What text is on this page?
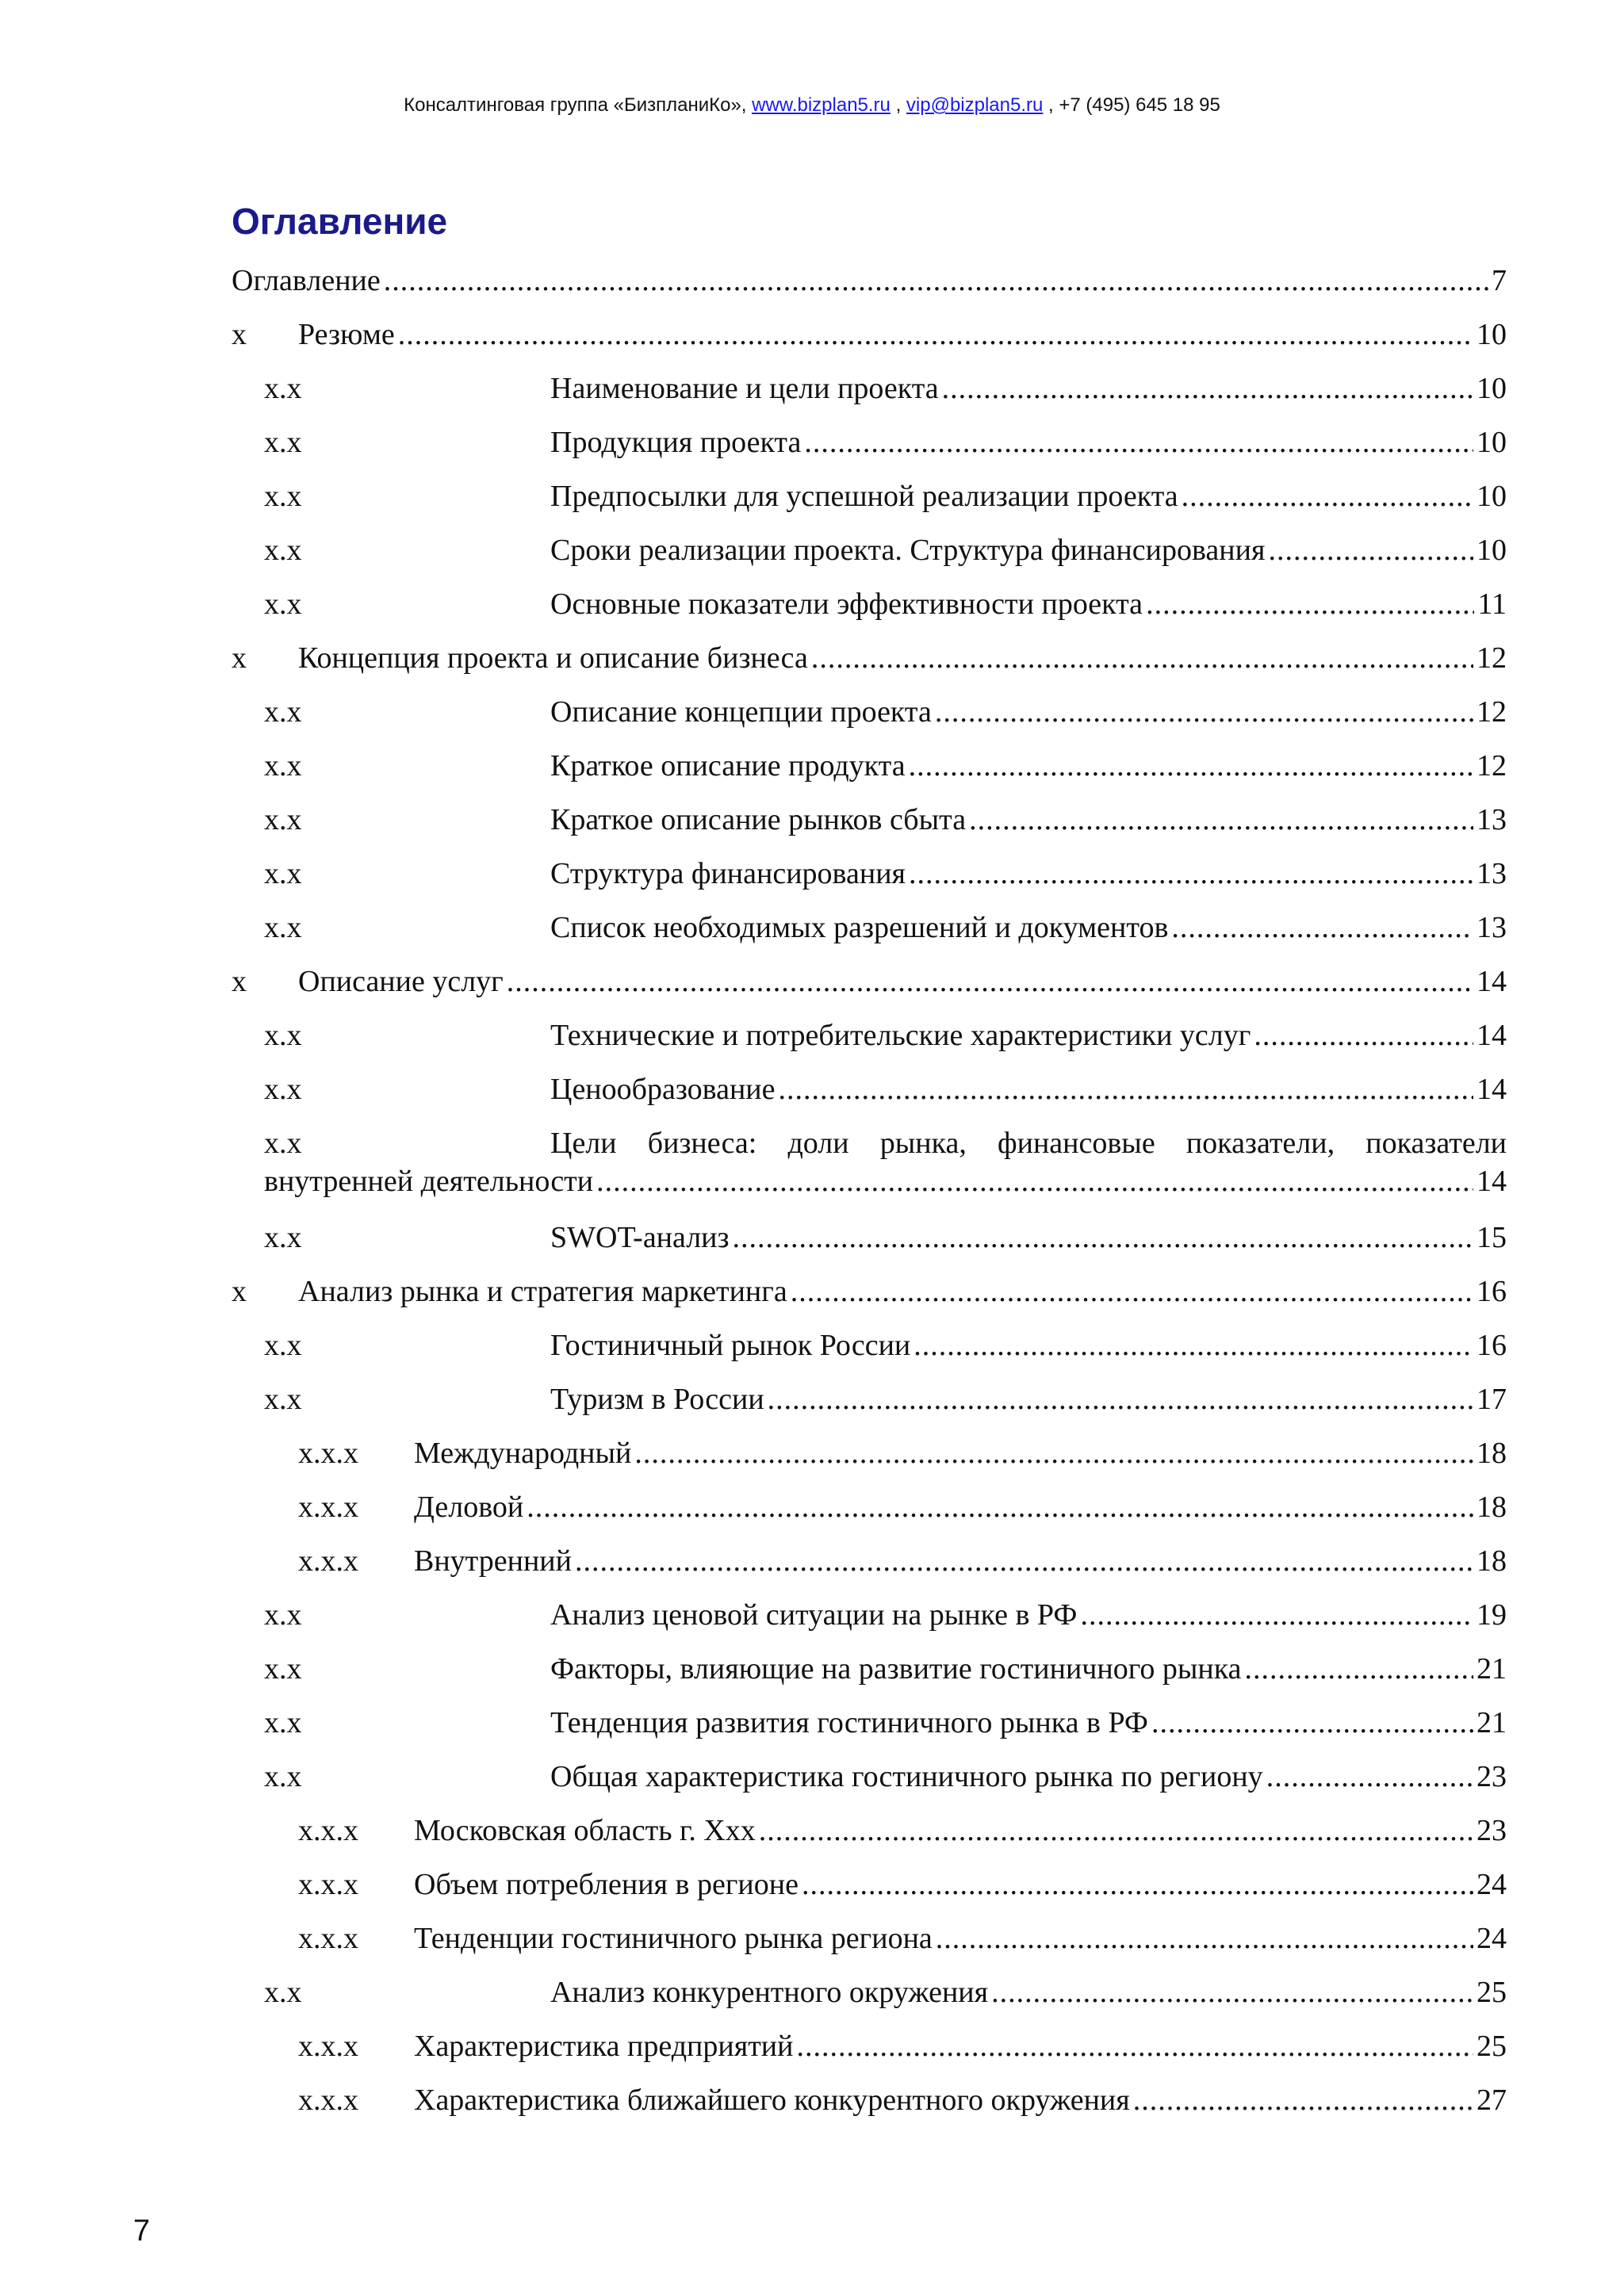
Консалтинговая группа «БизпланиКо», www.bizplan5.ru , vip@bizplan5.ru , +7 (495) 645 18 95
Оглавление
Оглавление .....	7
x	Резюме .....	10
x.x	Наименование и цели проекта .....	10
x.x	Продукция проекта .....	10
x.x	Предпосылки для успешной реализации проекта .....	10
x.x	Сроки реализации проекта. Структура финансирования .....	10
x.x	Основные показатели эффективности проекта .....	11
x	Концепция проекта и описание бизнеса .....	12
x.x	Описание концепции проекта .....	12
x.x	Краткое описание продукта .....	12
x.x	Краткое описание рынков сбыта .....	13
x.x	Структура финансирования .....	13
x.x	Список необходимых разрешений и документов .....	13
x	Описание услуг .....	14
x.x	Технические и потребительские характеристики услуг .....	14
x.x	Ценообразование .....	14
x.x	Цели бизнеса: доли рынка, финансовые показатели, показатели
внутренней деятельности .....	14
x.x	SWOT-анализ .....	15
x	Анализ рынка и стратегия маркетинга .....	16
x.x	Гостиничный рынок России .....	16
x.x	Туризм в России .....	17
x.x.x	Международный .....	18
x.x.x	Деловой .....	18
x.x.x	Внутренний .....	18
x.x	Анализ ценовой ситуации на рынке в РФ .....	19
x.x	Факторы, влияющие на развитие гостиничного рынка .....	21
x.x	Тенденция развития гостиничного рынка в РФ .....	21
x.x	Общая характеристика гостиничного рынка по региону .....	23
x.x.x	Московская область г. Ххх .....	23
x.x.x	Объем потребления в регионе .....	24
x.x.x	Тенденции гостиничного рынка региона .....	24
x.x	Анализ конкурентного окружения .....	25
x.x.x	Характеристика предприятий .....	25
x.x.x	Характеристика ближайшего конкурентного окружения .....	27
7
